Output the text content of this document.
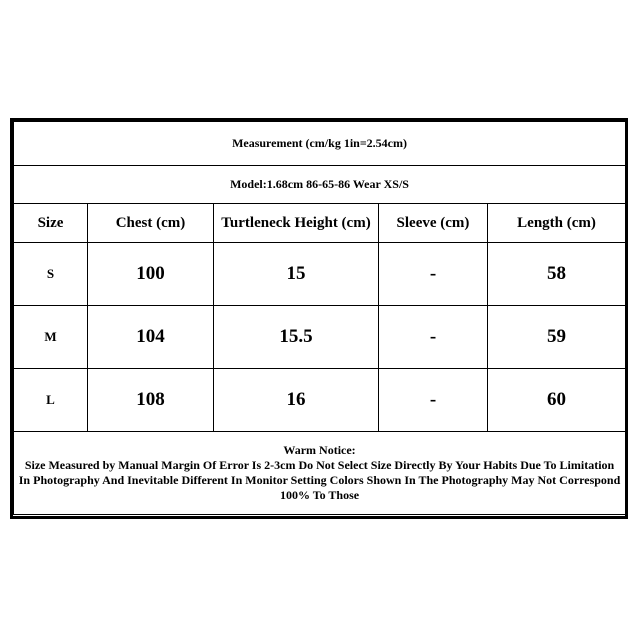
Measurement (cm/kg 1in=2.54cm)				
Model:1.68cm 86-65-86 Wear XS/S				
Size	Chest (cm)	Turtleneck Height (cm)	Sleeve (cm)	Length (cm)
S	100	15	-	58
M	104	15.5	-	59
L	108	16	-	60

Warm Notice:
Size Measured by Manual Margin Of Error Is 2-3cm Do Not Select Size Directly By Your Habits Due To Limitation
In Photography And Inevitable Different In Monitor Setting Colors Shown In The Photography May Not Correspond
100% To Those				
